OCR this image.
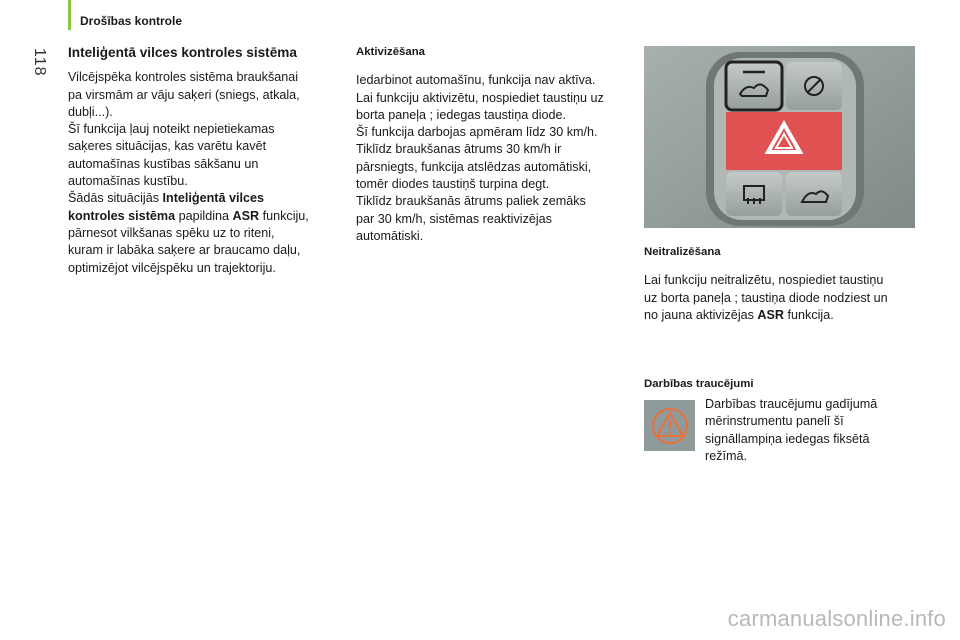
Drošības kontrole
118 Inteliģentā vilces kontroles sistēma

Vilcējspēka kontroles sistēma braukšanai

pa virsmām ar vāju saķeri (sniegs, atkala,

dubļi...).

Šī funkcija ļauj noteikt nepietiekamas

saķeres situācijas, kas varētu kavēt

automašīnas kustības sākšanu un

automašīnas kustību.

Šādās situācijās Inteliģentā vilces

kontroles sistēma papildina ASR funkciju,

pārnesot vilkšanas spēku uz to riteni,

kuram ir labāka saķere ar braucamo daļu,

optimizējot vilcējspēku un trajektoriju.

Aktivizēšana

Iedarbinot automašīnu, funkcija nav aktīva.

Lai funkciju aktivizētu, nospiediet taustiņu uz

borta paneļa ; iedegas taustiņa diode.

Šī funkcija darbojas apmēram līdz 30 km/h.

Tiklīdz braukšanas ātrums 30 km/h ir

pārsniegts, funkcija atslēdzas automātiski,

tomēr diodes taustiņš turpina degt.

Tiklīdz braukšanās ātrums paliek zemāks

par 30 km/h, sistēmas reaktivizējas

automātiski.

Neitralizēšana

Lai funkciju neitralizētu, nospiediet taustiņu

uz borta paneļa ; taustiņa diode nodziest un

no jauna aktivizējas ASR funkcija.

Darbības traucējumi

Darbības traucējumu gadījumā

mērinstrumentu panelī šī

signāllampiņa iedegas fiksētā

režīmā.

carmanualsonline.info
